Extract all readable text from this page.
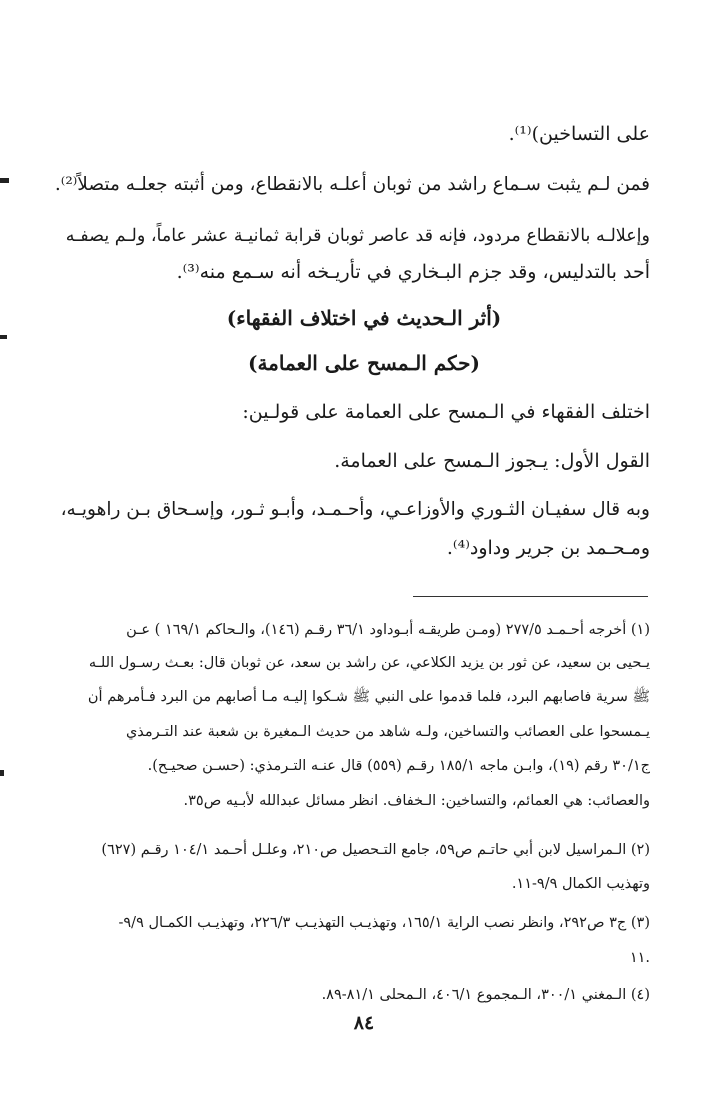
على التساخين)⁽¹⁾.
فمن لـم يثبت سـماع راشد من ثوبان أعلـه بالانقطاع، ومن أثبته جعلـه متصلاً⁽²⁾.
وإعلالـه بالانقطاع مردود، فإنه قد عاصر ثوبان قرابة ثمانيـة عشر عاماً، ولـم يصفـه
أحد بالتدليس، وقد جزم البـخاري في تأريـخه أنه سـمع منه⁽³⁾.
(أثر الـحديث في اختلاف الفقهاء)
(حكم الـمسح على العمامة)
اختلف الفقهاء في الـمسح على العمامة على قولـين:
القول الأول: يـجوز الـمسح على العمامة.
وبه قال سفيـان الثـوري والأوزاعـي، وأحـمـد، وأبـو ثـور، وإسـحاق بـن راهويـه،
ومـحـمد بن جرير وداود⁽⁴⁾.
(١) أخرجه أحـمـد ٢٧٧/٥ (ومـن طريقـه أبـوداود ٣٦/١ رقـم (١٤٦)، والـحاكم ١٦٩/١ ) عـن
يـحيى بن سعيد، عن ثور بن يزيد الكلاعي، عن راشد بن سعد، عن ثوبان قال: بعـث رسـول اللـه
ﷺ سرية فاصابهم البرد، فلما قدموا على النبي ﷺ شـكوا إليـه مـا أصابهم من البرد فـأمرهم أن
يـمسحوا على العصائب والتساخين، ولـه شاهد من حديث الـمغيرة بن شعبة عند التـرمذي
ج٣٠/١ رقم (١٩)، وابـن ماجه ١٨٥/١ رقـم (٥٥٩) قال عنـه التـرمذي: (حسـن صحيـح).
والعصائب: هي العمائم، والتساخين: الـخفاف. انظر مسائل عبدالله لأبـيه ص٣٥.
(٢) الـمراسيل لابن أبي حاتـم ص٥٩، جامع التـحصيل ص٢١٠، وعلـل أحـمد ١٠٤/١ رقـم (٦٢٧)
وتهذيب الكمال ٩/٩-١١.
(٣) ج٣ ص٢٩٢، وانظر نصب الراية ١٦٥/١، وتهذيـب التهذيـب ٢٢٦/٣، وتهذيـب الكمـال ٩/٩-
.١١
(٤) الـمغني ٣٠٠/١، الـمجموع ٤٠٦/١، الـمحلى ٨١/١-٨٩.
٨٤
